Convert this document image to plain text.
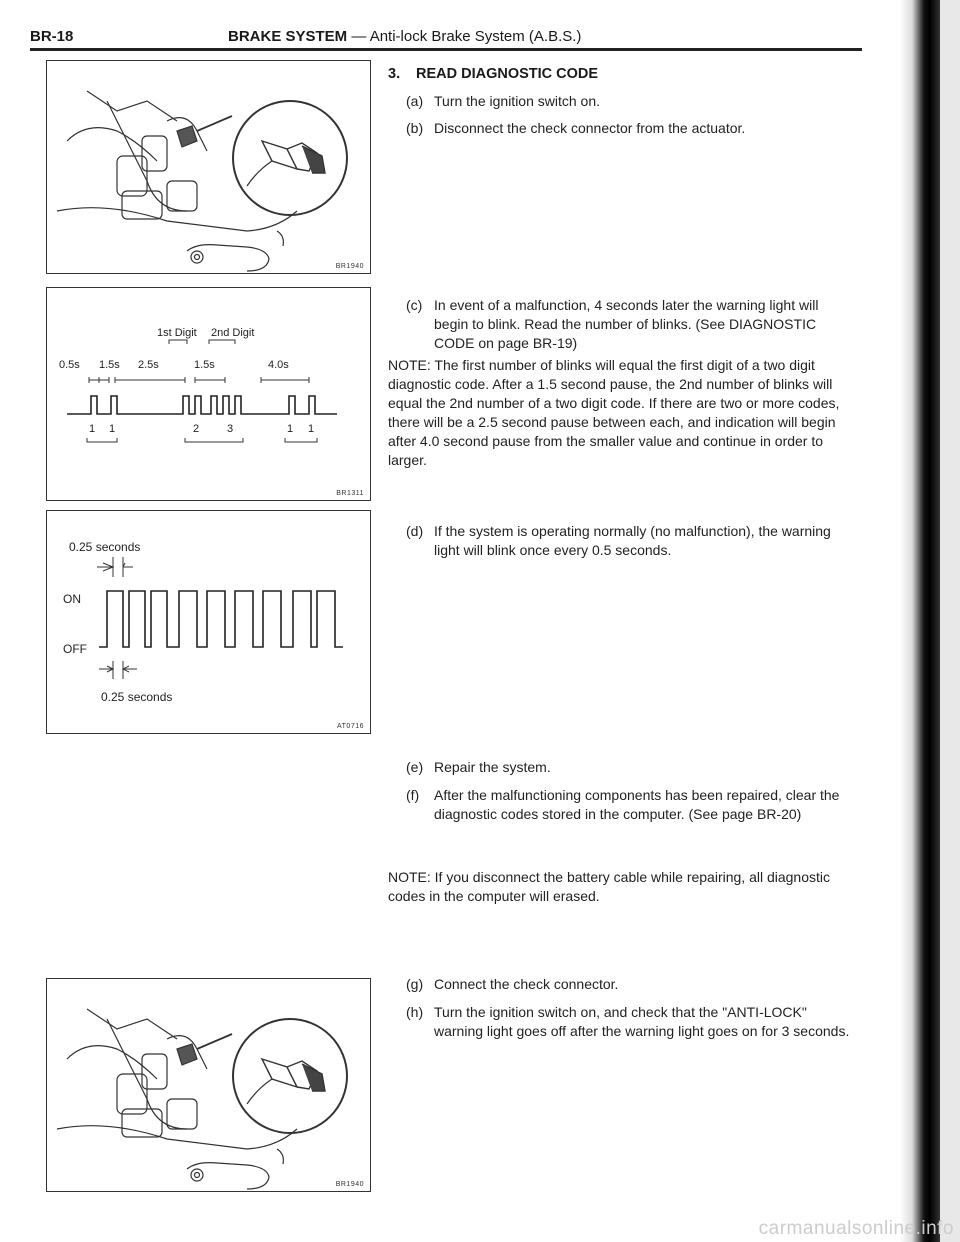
BR-18	BRAKE SYSTEM — Anti-lock Brake System (A.B.S.)
BR1940
1st Digit 2nd Digit
0.5s 1.5s 2.5s	1.5s	4.0s
1 1	2	3	1 1
BR1311
0.25 seconds
ON
OFF
0.25 seconds
AT0716
BR1940
3. READ DIAGNOSTIC CODE
(a) Turn the ignition switch on.
(b) Disconnect the check connector from the actuator.
(c) In event of a malfunction, 4 seconds later the warning light will begin to blink. Read the number of blinks. (See DIAGNOSTIC CODE on page BR-19)
NOTE: The first number of blinks will equal the first digit of a two digit diagnostic code. After a 1.5 second pause, the 2nd number of blinks will equal the 2nd number of a two digit code. If there are two or more codes, there will be a 2.5 second pause between each, and indication will begin after 4.0 second pause from the smaller value and continue in order to larger.
(d) If the system is operating normally (no malfunction), the warning light will blink once every 0.5 seconds.
(e) Repair the system.
(f) After the malfunctioning components has been repaired, clear the diagnostic codes stored in the computer. (See page BR-20)
NOTE: If you disconnect the battery cable while repairing, all diagnostic codes in the computer will erased.
(g) Connect the check connector.
(h) Turn the ignition switch on, and check that the "ANTI-LOCK" warning light goes off after the warning light goes on for 3 seconds.
carmanualsonline.info
